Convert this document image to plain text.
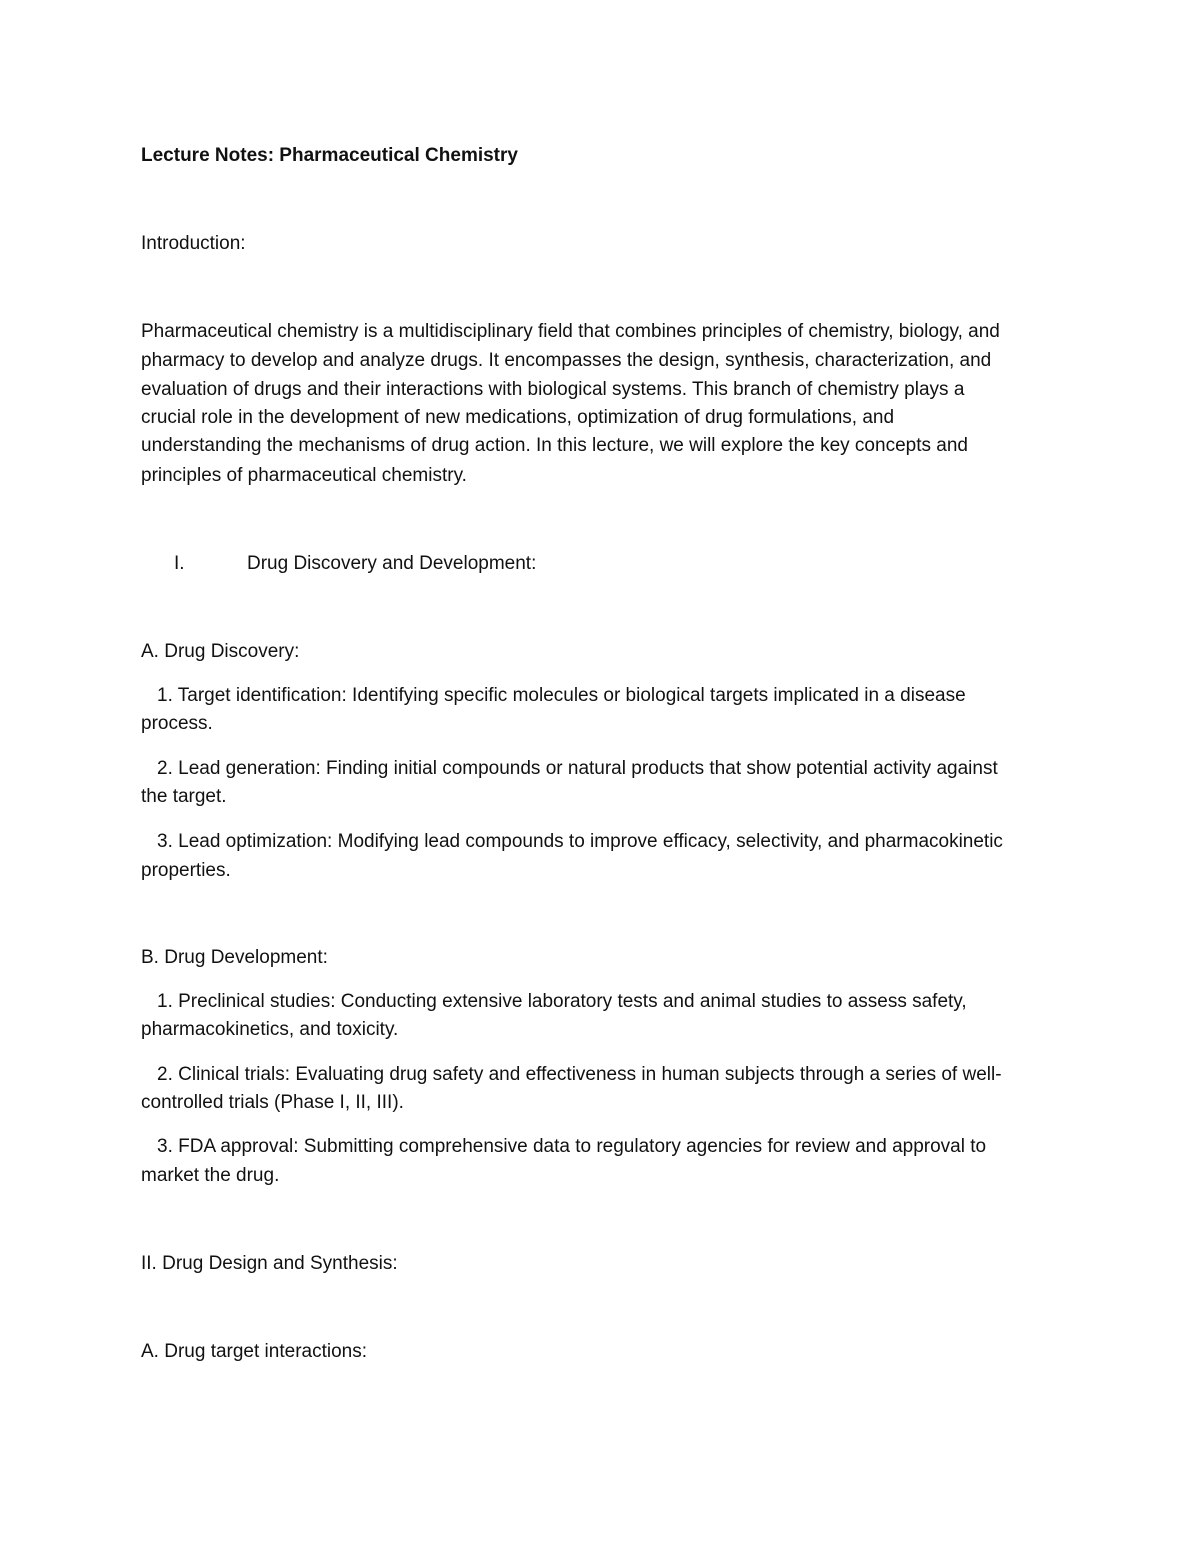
Lecture Notes: Pharmaceutical Chemistry

Introduction:

Pharmaceutical chemistry is a multidisciplinary field that combines principles of chemistry, biology, and

pharmacy to develop and analyze drugs. It encompasses the design, synthesis, characterization, and

evaluation of drugs and their interactions with biological systems. This branch of chemistry plays a

crucial role in the development of new medications, optimization of drug formulations, and

understanding the mechanisms of drug action. In this lecture, we will explore the key concepts and

principles of pharmaceutical chemistry.

I.	Drug Discovery and Development:

A. Drug Discovery:

1. Target identification: Identifying specific molecules or biological targets implicated in a disease

process.

2. Lead generation: Finding initial compounds or natural products that show potential activity against

the target.

3. Lead optimization: Modifying lead compounds to improve efficacy, selectivity, and pharmacokinetic

properties.

B. Drug Development:

1. Preclinical studies: Conducting extensive laboratory tests and animal studies to assess safety,

pharmacokinetics, and toxicity.

2. Clinical trials: Evaluating drug safety and effectiveness in human subjects through a series of well-

controlled trials (Phase I, II, III).

3. FDA approval: Submitting comprehensive data to regulatory agencies for review and approval to

market the drug.

II. Drug Design and Synthesis:

A. Drug target interactions:
